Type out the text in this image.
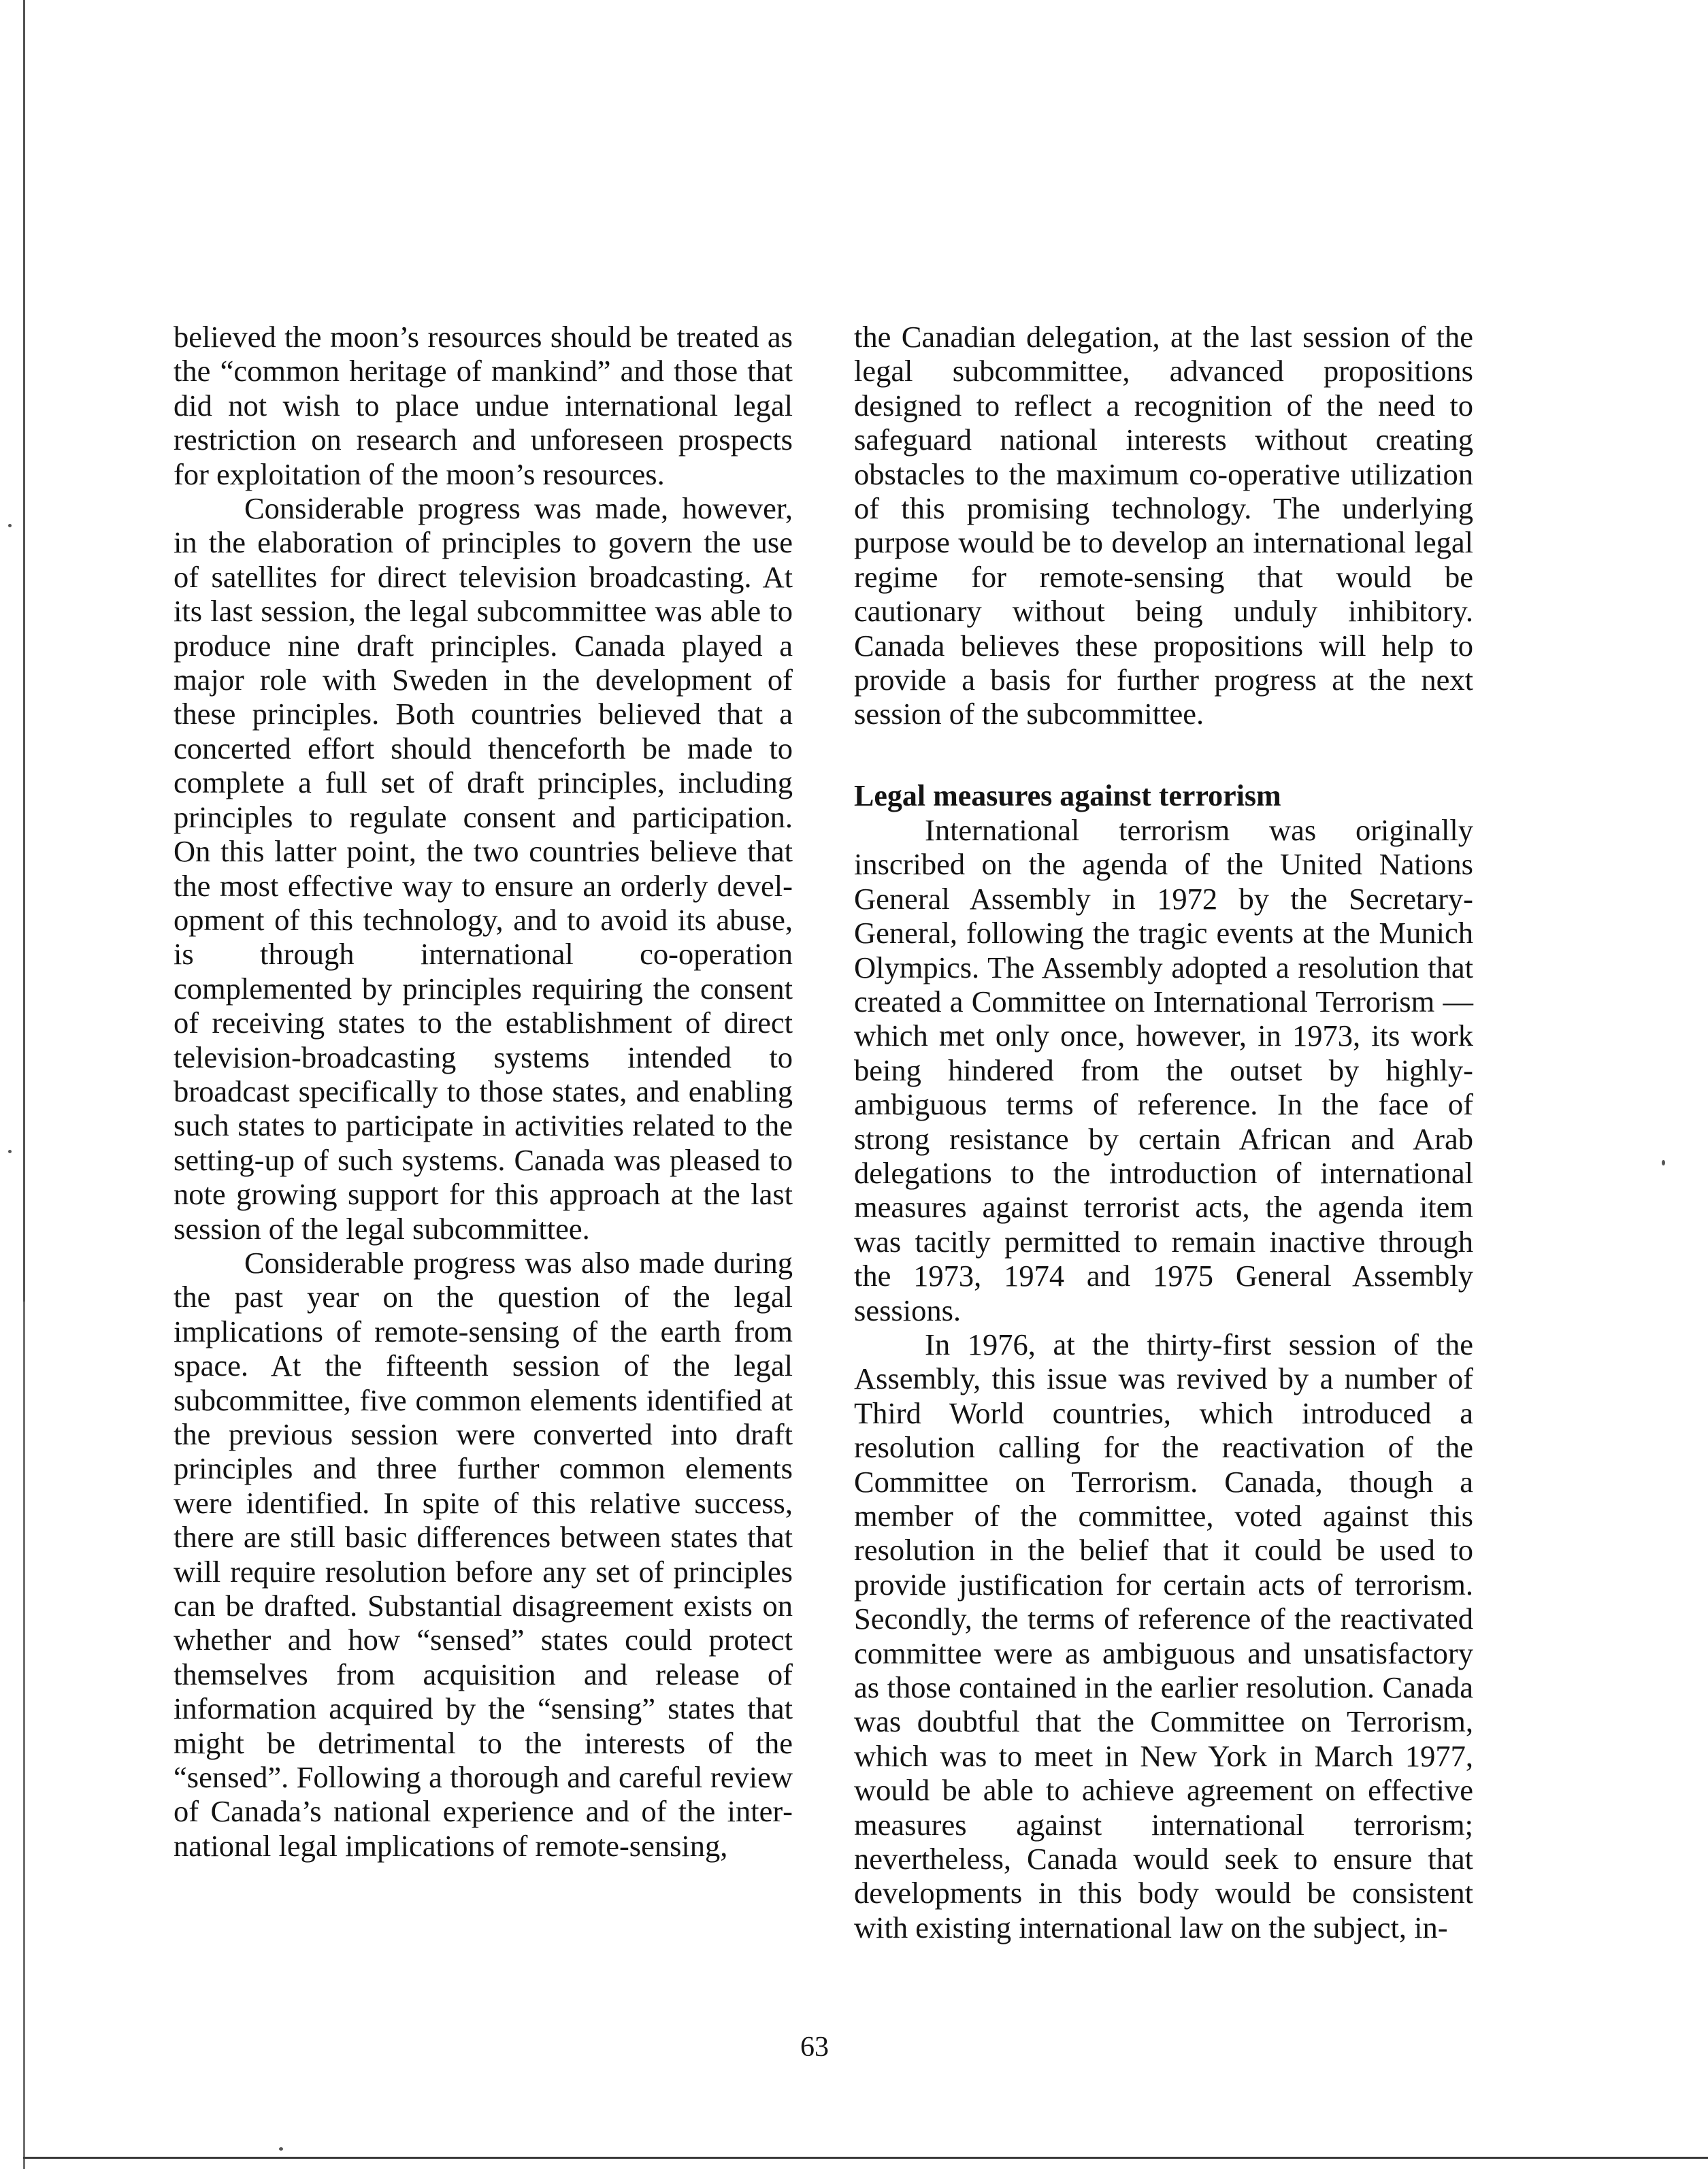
believed the moon’s resources should be treated as the “common heritage of mankind” and those that did not wish to place undue international legal restriction on research and unforeseen prospects for exploitation of the moon’s resources.

Considerable progress was made, however, in the elaboration of principles to govern the use of satellites for direct television broadcasting. At its last session, the legal subcommittee was able to produce nine draft principles. Canada played a major role with Sweden in the development of these principles. Both countries believed that a concerted effort should thenceforth be made to complete a full set of draft principles, including principles to regulate consent and participation. On this latter point, the two countries believe that the most effective way to ensure an orderly development of this technology, and to avoid its abuse, is through international co-operation complemented by principles requiring the consent of receiving states to the establishment of direct television-broadcasting systems intended to broadcast specifically to those states, and enabling such states to participate in activities related to the setting-up of such systems. Canada was pleased to note growing support for this approach at the last session of the legal subcommittee.

Considerable progress was also made during the past year on the question of the legal implications of remote-sensing of the earth from space. At the fifteenth session of the legal subcommittee, five common elements identified at the previous session were converted into draft principles and three further common elements were identified. In spite of this relative success, there are still basic differences between states that will require resolution before any set of principles can be drafted. Substantial disagreement exists on whether and how “sensed” states could protect themselves from acquisition and release of information acquired by the “sensing” states that might be detrimental to the interests of the “sensed”. Following a thorough and careful review of Canada’s national experience and of the international legal implications of remote-sensing,

the Canadian delegation, at the last session of the legal subcommittee, advanced propositions designed to reflect a recognition of the need to safeguard national interests without creating obstacles to the maximum co-operative utilization of this promising technology. The underlying purpose would be to develop an international legal regime for remote-sensing that would be cautionary without being unduly inhibitory. Canada believes these propositions will help to provide a basis for further progress at the next session of the subcommittee.

Legal measures against terrorism

International terrorism was originally inscribed on the agenda of the United Nations General Assembly in 1972 by the Secretary-General, following the tragic events at the Munich Olympics. The Assembly adopted a resolution that created a Committee on International Terrorism — which met only once, however, in 1973, its work being hindered from the outset by highly-ambiguous terms of reference. In the face of strong resistance by certain African and Arab delegations to the introduction of international measures against terrorist acts, the agenda item was tacitly permitted to remain inactive through the 1973, 1974 and 1975 General Assembly sessions.

In 1976, at the thirty-first session of the Assembly, this issue was revived by a number of Third World countries, which introduced a resolution calling for the reactivation of the Committee on Terrorism. Canada, though a member of the committee, voted against this resolution in the belief that it could be used to provide justification for certain acts of terrorism. Secondly, the terms of reference of the reactivated committee were as ambiguous and unsatisfactory as those contained in the earlier resolution. Canada was doubtful that the Committee on Terrorism, which was to meet in New York in March 1977, would be able to achieve agreement on effective measures against international terrorism; nevertheless, Canada would seek to ensure that developments in this body would be consistent with existing international law on the subject, in-

63
